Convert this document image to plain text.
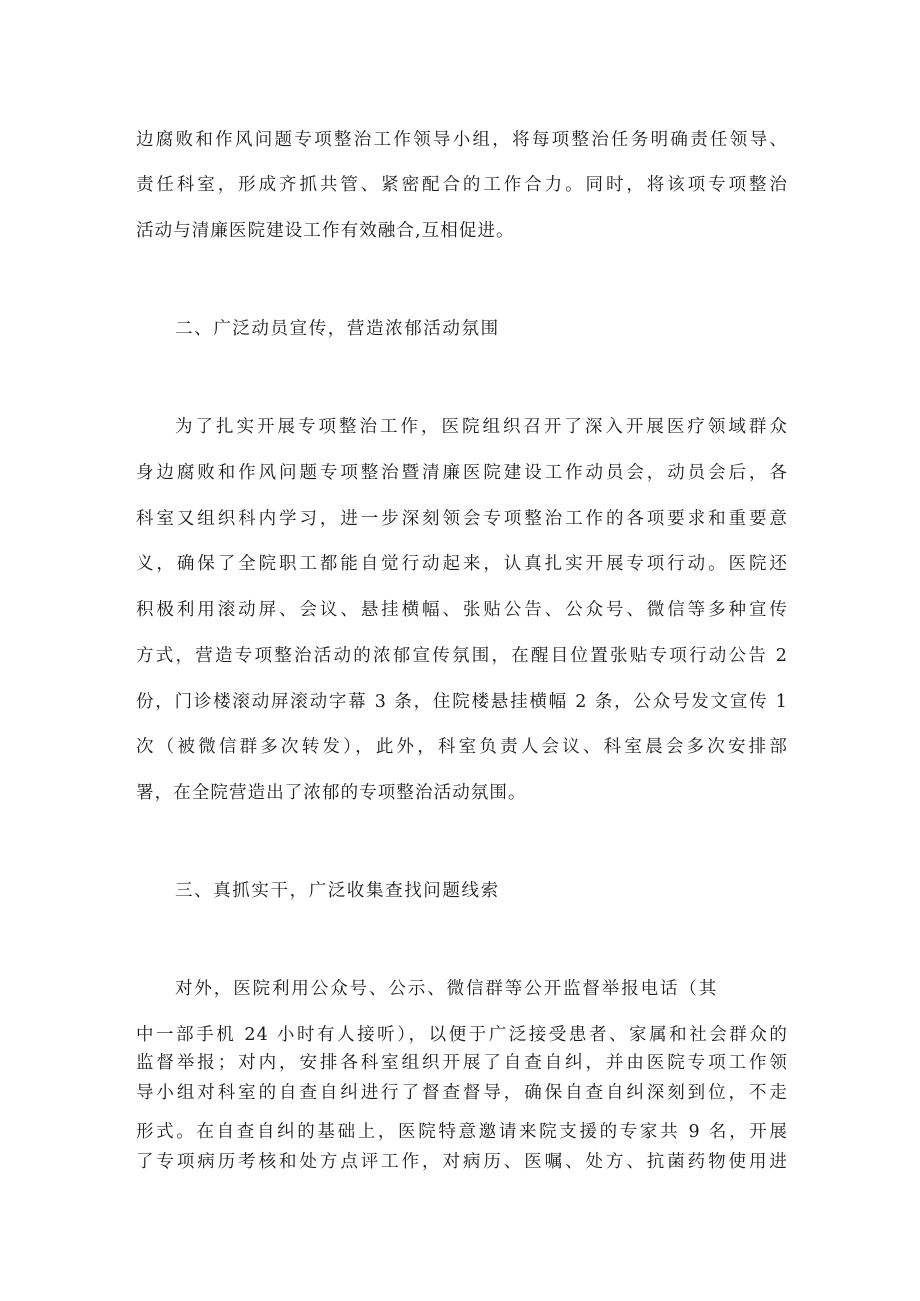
边腐败和作风问题专项整治工作领导小组，将每项整治任务明确责任领导、
责任科室，形成齐抓共管、紧密配合的工作合力。同时，将该项专项整治
活动与清廉医院建设工作有效融合,互相促进。
二、广泛动员宣传，营造浓郁活动氛围
为了扎实开展专项整治工作，医院组织召开了深入开展医疗领域群众
身边腐败和作风问题专项整治暨清廉医院建设工作动员会，动员会后，各
科室又组织科内学习，进一步深刻领会专项整治工作的各项要求和重要意
义，确保了全院职工都能自觉行动起来，认真扎实开展专项行动。医院还
积极利用滚动屏、会议、悬挂横幅、张贴公告、公众号、微信等多种宣传
方式，营造专项整治活动的浓郁宣传氛围，在醒目位置张贴专项行动公告 2
份，门诊楼滚动屏滚动字幕 3 条，住院楼悬挂横幅 2 条，公众号发文宣传 1
次（被微信群多次转发），此外，科室负责人会议、科室晨会多次安排部
署，在全院营造出了浓郁的专项整治活动氛围。
三、真抓实干，广泛收集查找问题线索
对外，医院利用公众号、公示、微信群等公开监督举报电话（其
中一部手机 24 小时有人接听），以便于广泛接受患者、家属和社会群众的
监督举报；对内，安排各科室组织开展了自查自纠，并由医院专项工作领
导小组对科室的自查自纠进行了督查督导，确保自查自纠深刻到位，不走
形式。在自查自纠的基础上，医院特意邀请来院支援的专家共 9 名，开展
了专项病历考核和处方点评工作，对病历、医嘱、处方、抗菌药物使用进
